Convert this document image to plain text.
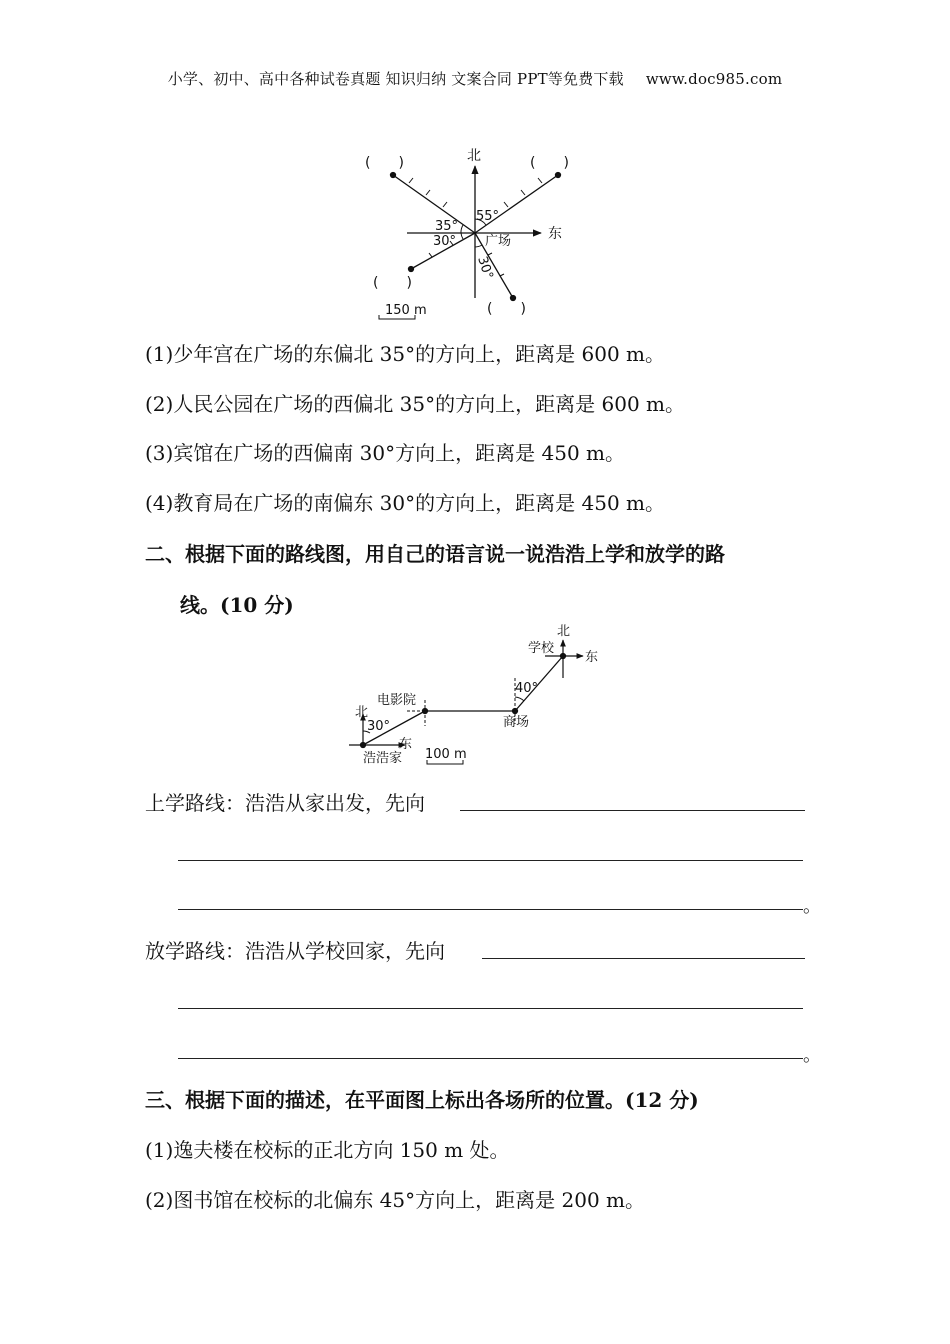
小学、初中、高中各种试卷真题 知识归纳 文案合同 PPT等免费下载 www.doc985.com
北
东
广场
55°
35°
30°
30°
(　　)	(　　)
(　　)
(　　)
150 m
(1)少年宫在广场的东偏北 35°的方向上，距离是 600 m。
(2)人民公园在广场的西偏北 35°的方向上，距离是 600 m。
(3)宾馆在广场的西偏南 30°方向上，距离是 450 m。
(4)教育局在广场的南偏东 30°的方向上，距离是 450 m。
二、根据下面的路线图，用自己的语言说一说浩浩上学和放学的路
线。(10 分)
学校
北
东
电影院
商场
浩浩家
北
东
30°
40°
100 m
上学路线：浩浩从家出发，先向
。
放学路线：浩浩从学校回家，先向
。
三、根据下面的描述，在平面图上标出各场所的位置。(12 分)
(1)逸夫楼在校标的正北方向 150 m 处。
(2)图书馆在校标的北偏东 45°方向上，距离是 200 m。
